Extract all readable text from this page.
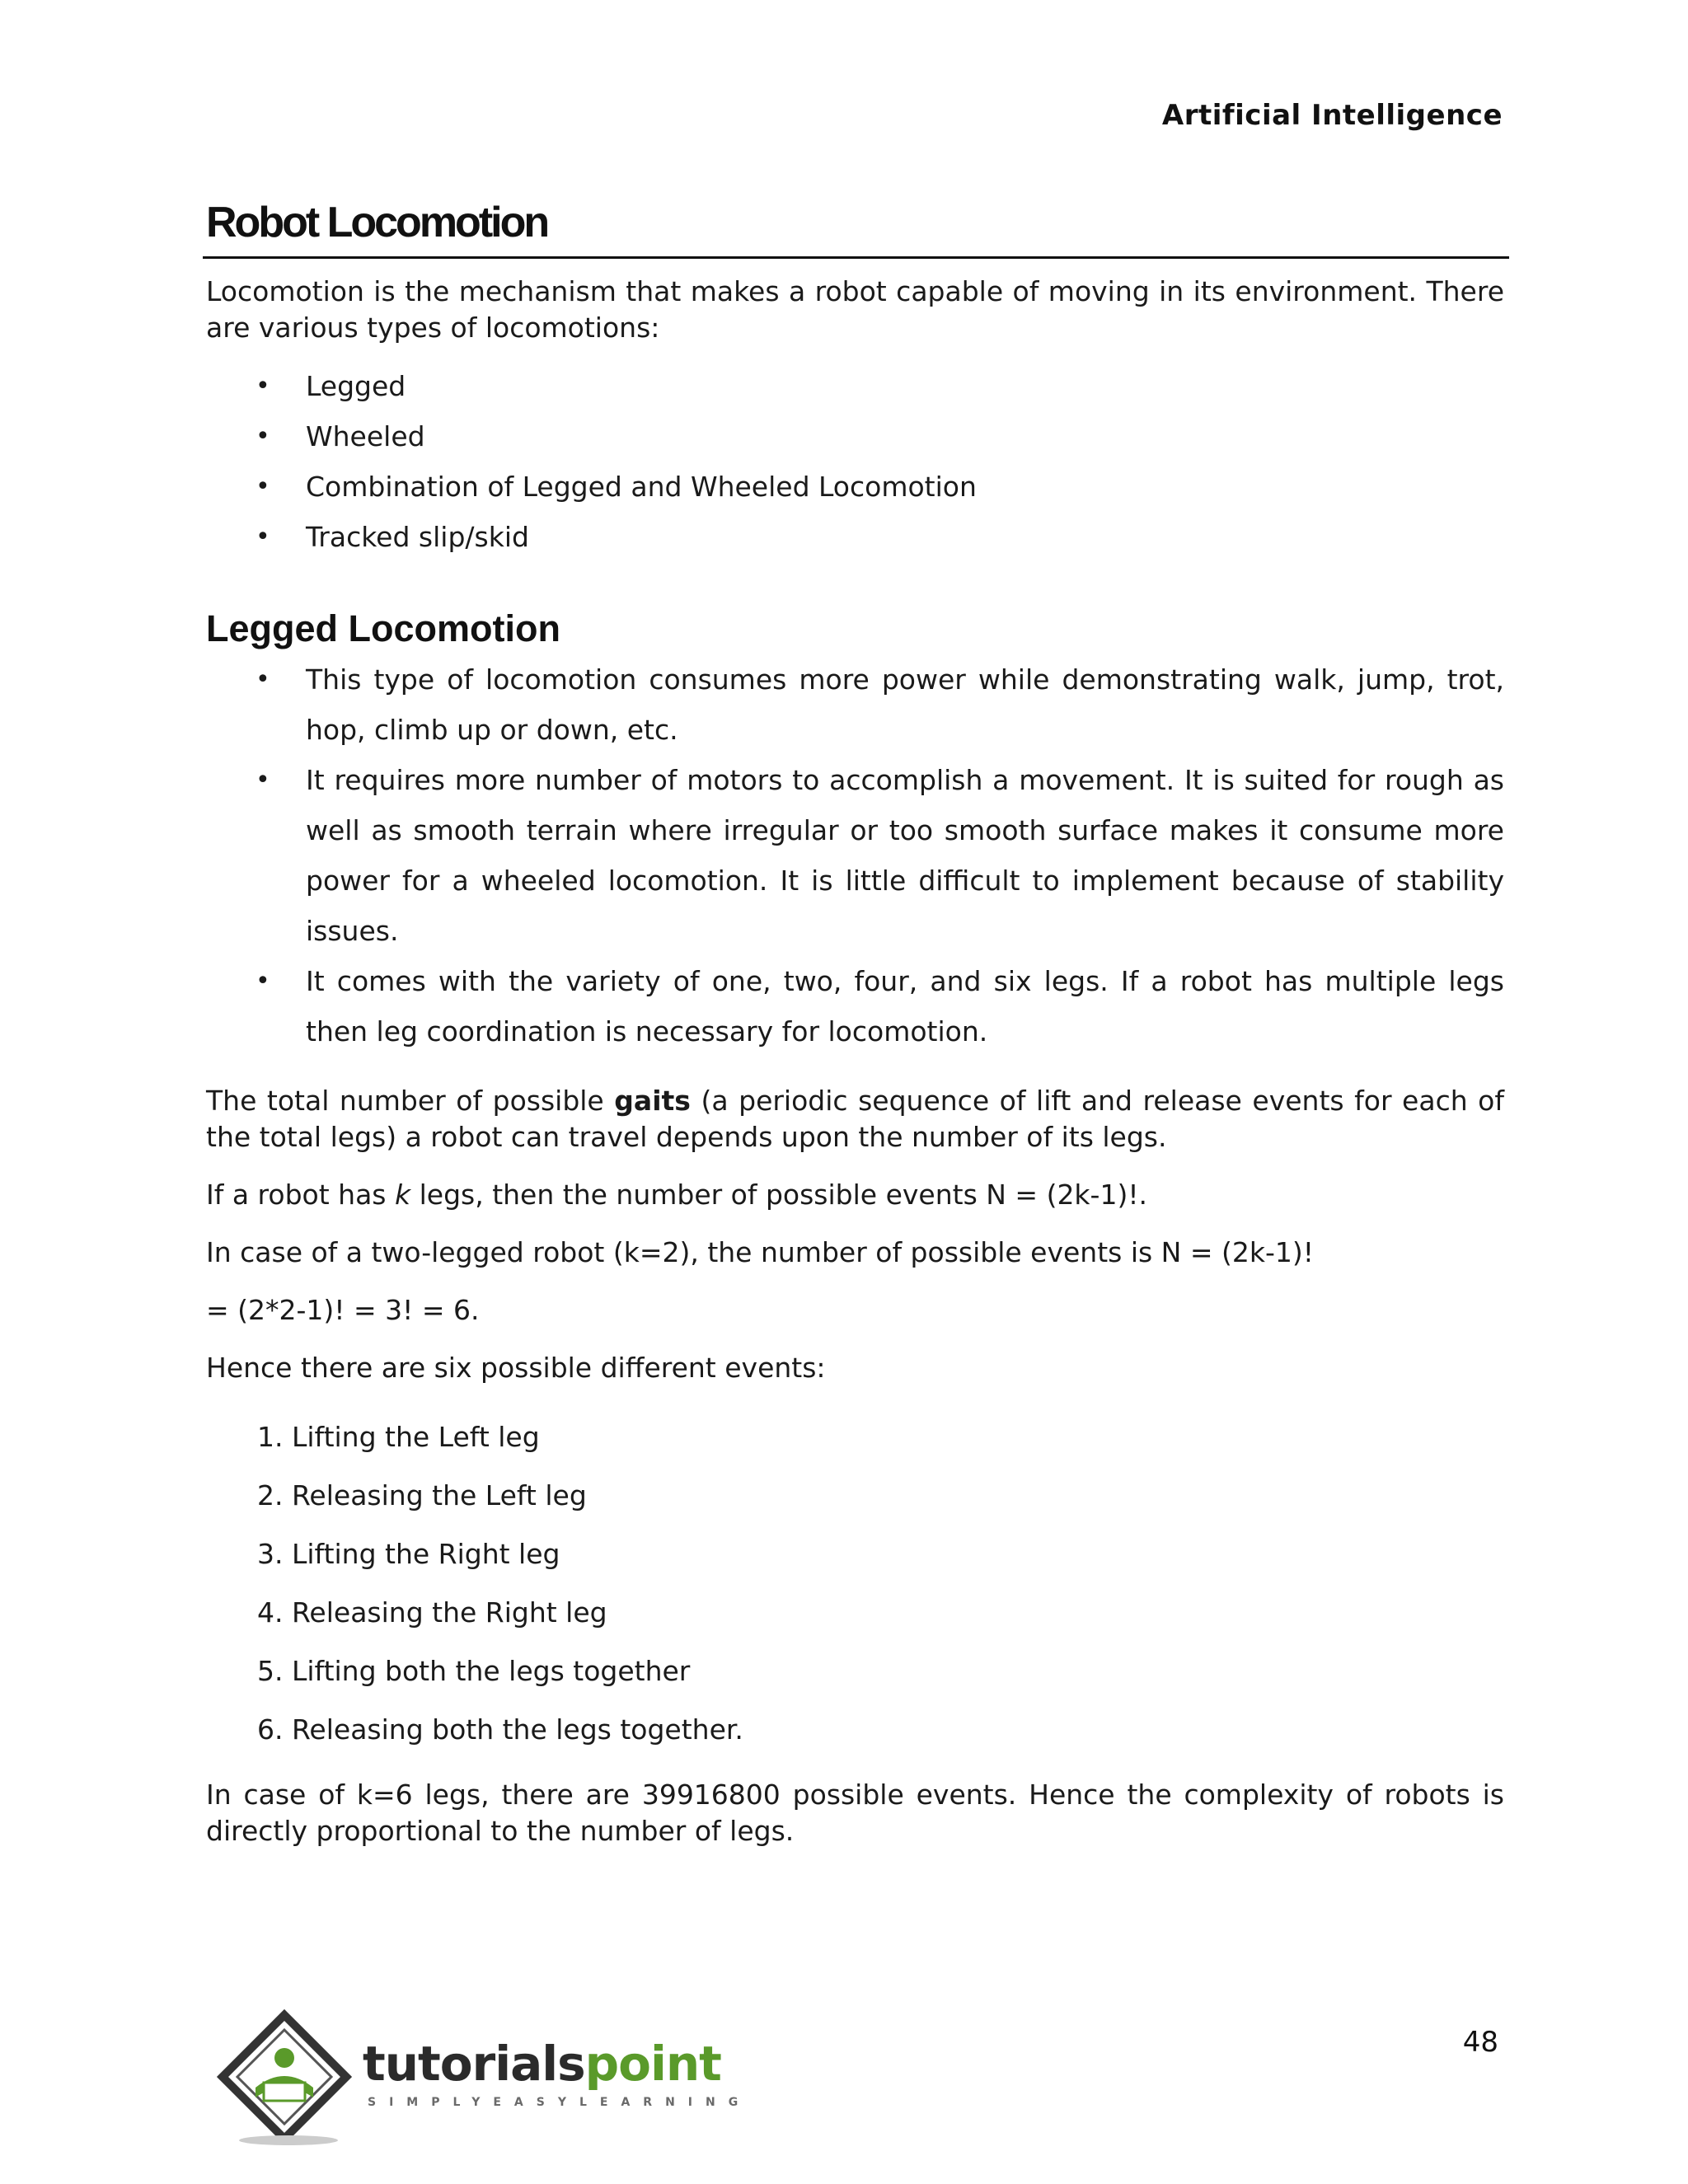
Artificial Intelligence
Robot Locomotion

Locomotion is the mechanism that makes a robot capable of moving in its environment. There are various types of locomotions:

• Legged
• Wheeled
• Combination of Legged and Wheeled Locomotion
• Tracked slip/skid
Legged Locomotion
• This type of locomotion consumes more power while demonstrating walk, jump, trot, hop, climb up or down, etc.
• It requires more number of motors to accomplish a movement. It is suited for rough as well as smooth terrain where irregular or too smooth surface makes it consume more power for a wheeled locomotion. It is little difficult to implement because of stability issues.
• It comes with the variety of one, two, four, and six legs. If a robot has multiple legs then leg coordination is necessary for locomotion.

The total number of possible gaits (a periodic sequence of lift and release events for each of the total legs) a robot can travel depends upon the number of its legs.

If a robot has k legs, then the number of possible events N = (2k-1)!.

In case of a two-legged robot (k=2), the number of possible events is N = (2k-1)!

= (2*2-1)! = 3! = 6.

Hence there are six possible different events:

1. Lifting the Left leg
2. Releasing the Left leg
3. Lifting the Right leg
4. Releasing the Right leg
5. Lifting both the legs together
6. Releasing both the legs together.

In case of k=6 legs, there are 39916800 possible events. Hence the complexity of robots is directly proportional to the number of legs.

48
tutorialspoint
SIMPLYEASYLEARNING
